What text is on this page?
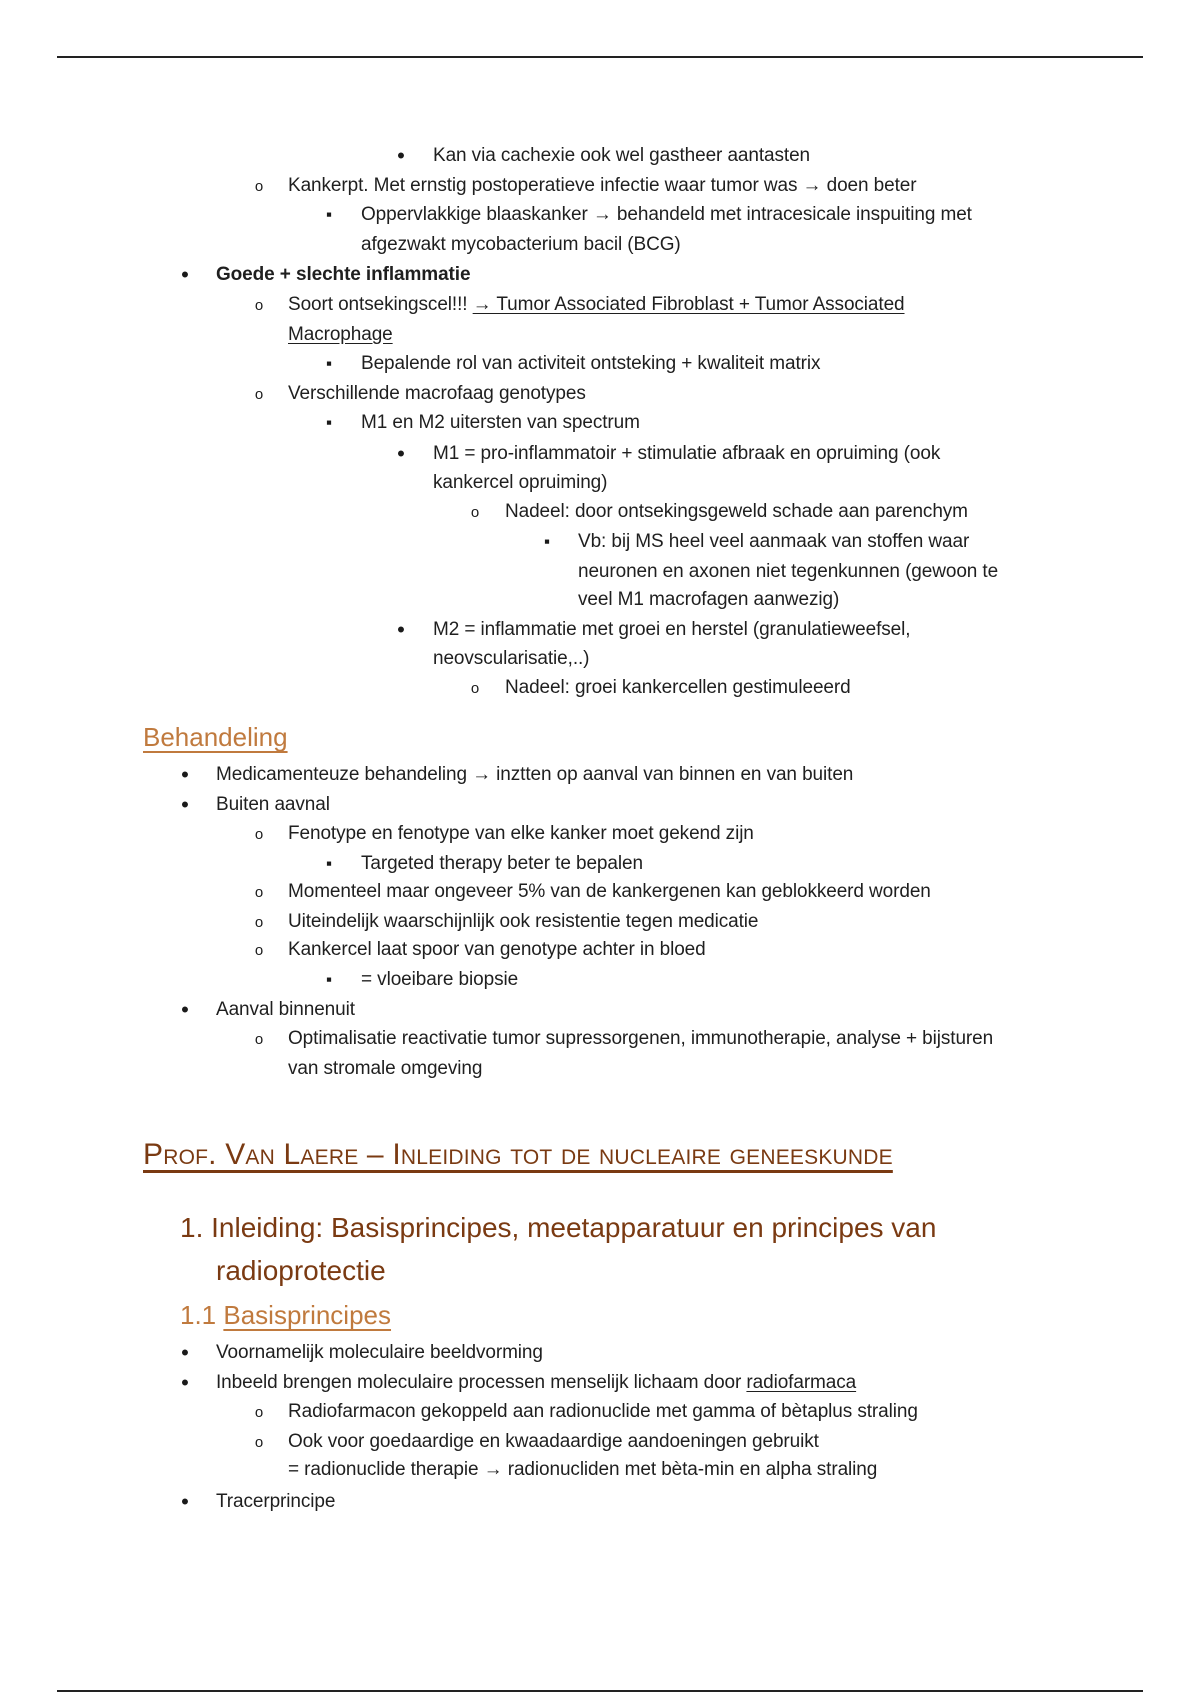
•
Kan via cachexie ook wel gastheer aantasten
o
Kankerpt. Met ernstig postoperatieve infectie waar tumor was → doen beter
▪
Oppervlakkige blaaskanker → behandeld met intracesicale inspuiting met
afgezwakt mycobacterium bacil (BCG)
•
Goede + slechte inflammatie
o
Soort ontsekingscel!!! → Tumor Associated Fibroblast + Tumor Associated
Macrophage
▪
Bepalende rol van activiteit ontsteking + kwaliteit matrix
o
Verschillende macrofaag genotypes
▪
M1 en M2 uitersten van spectrum
•
M1 = pro-inflammatoir + stimulatie afbraak en opruiming (ook
kankercel opruiming)
o
Nadeel: door ontsekingsgeweld schade aan parenchym
▪
Vb: bij MS heel veel aanmaak van stoffen waar
neuronen en axonen niet tegenkunnen (gewoon te
veel M1 macrofagen aanwezig)
•
M2 = inflammatie met groei en herstel (granulatieweefsel,
neovscularisatie,..)
o
Nadeel: groei kankercellen gestimuleeerd
Behandeling
•
Medicamenteuze behandeling → inztten op aanval van binnen en van buiten
•
Buiten aavnal
o
Fenotype en fenotype van elke kanker moet gekend zijn
▪
Targeted therapy beter te bepalen
o
Momenteel maar ongeveer 5% van de kankergenen kan geblokkeerd worden
o
Uiteindelijk waarschijnlijk ook resistentie tegen medicatie
o
Kankercel laat spoor van genotype achter in bloed
▪
= vloeibare biopsie
•
Aanval binnenuit
o
Optimalisatie reactivatie tumor supressorgenen, immunotherapie, analyse + bijsturen
van stromale omgeving
Prof. Van Laere – Inleiding tot de nucleaire geneeskunde
1. Inleiding: Basisprincipes, meetapparatuur en principes van
radioprotectie
1.1 Basisprincipes
•
Voornamelijk moleculaire beeldvorming
•
Inbeeld brengen moleculaire processen menselijk lichaam door radiofarmaca
o
Radiofarmacon gekoppeld aan radionuclide met gamma of bètaplus straling
o
Ook voor goedaardige en kwaadaardige aandoeningen gebruikt
= radionuclide therapie → radionucliden met bèta-min en alpha straling
•
Tracerprincipe
